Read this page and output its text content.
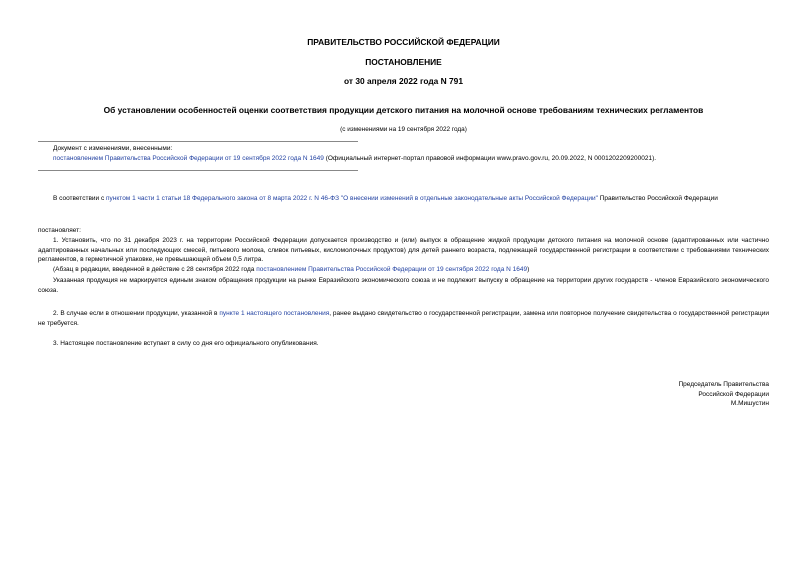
ПРАВИТЕЛЬСТВО РОССИЙСКОЙ ФЕДЕРАЦИИ
ПОСТАНОВЛЕНИЕ
от 30 апреля 2022 года N 791
Об установлении особенностей оценки соответствия продукции детского питания на молочной основе требованиям технических регламентов
(с изменениями на 19 сентября 2022 года)
Документ с изменениями, внесенными:
постановлением Правительства Российской Федерации от 19 сентября 2022 года N 1649 (Официальный интернет-портал правовой информации www.pravo.gov.ru, 20.09.2022, N 0001202209200021).
В соответствии с пунктом 1 части 1 статьи 18 Федерального закона от 8 марта 2022 г. N 46-ФЗ "О внесении изменений в отдельные законодательные акты Российской Федерации" Правительство Российской Федерации
постановляет:
1. Установить, что по 31 декабря 2023 г. на территории Российской Федерации допускается производство и (или) выпуск в обращение жидкой продукции детского питания на молочной основе (адаптированных или частично адаптированных начальных или последующих смесей, питьевого молока, сливок питьевых, кисломолочных продуктов) для детей раннего возраста, подлежащей государственной регистрации в соответствии с требованиями технических регламентов, в герметичной упаковке, не превышающей объем 0,5 литра.
(Абзац в редакции, введенной в действие с 28 сентября 2022 года постановлением Правительства Российской Федерации от 19 сентября 2022 года N 1649)
Указанная продукция не маркируется единым знаком обращения продукции на рынке Евразийского экономического союза и не подлежит выпуску в обращение на территории других государств - членов Евразийского экономического союза.
2. В случае если в отношении продукции, указанной в пункте 1 настоящего постановления, ранее выдано свидетельство о государственной регистрации, замена или повторное получение свидетельства о государственной регистрации не требуется.
3. Настоящее постановление вступает в силу со дня его официального опубликования.
Председатель Правительства
Российской Федерации
М.Мишустин
